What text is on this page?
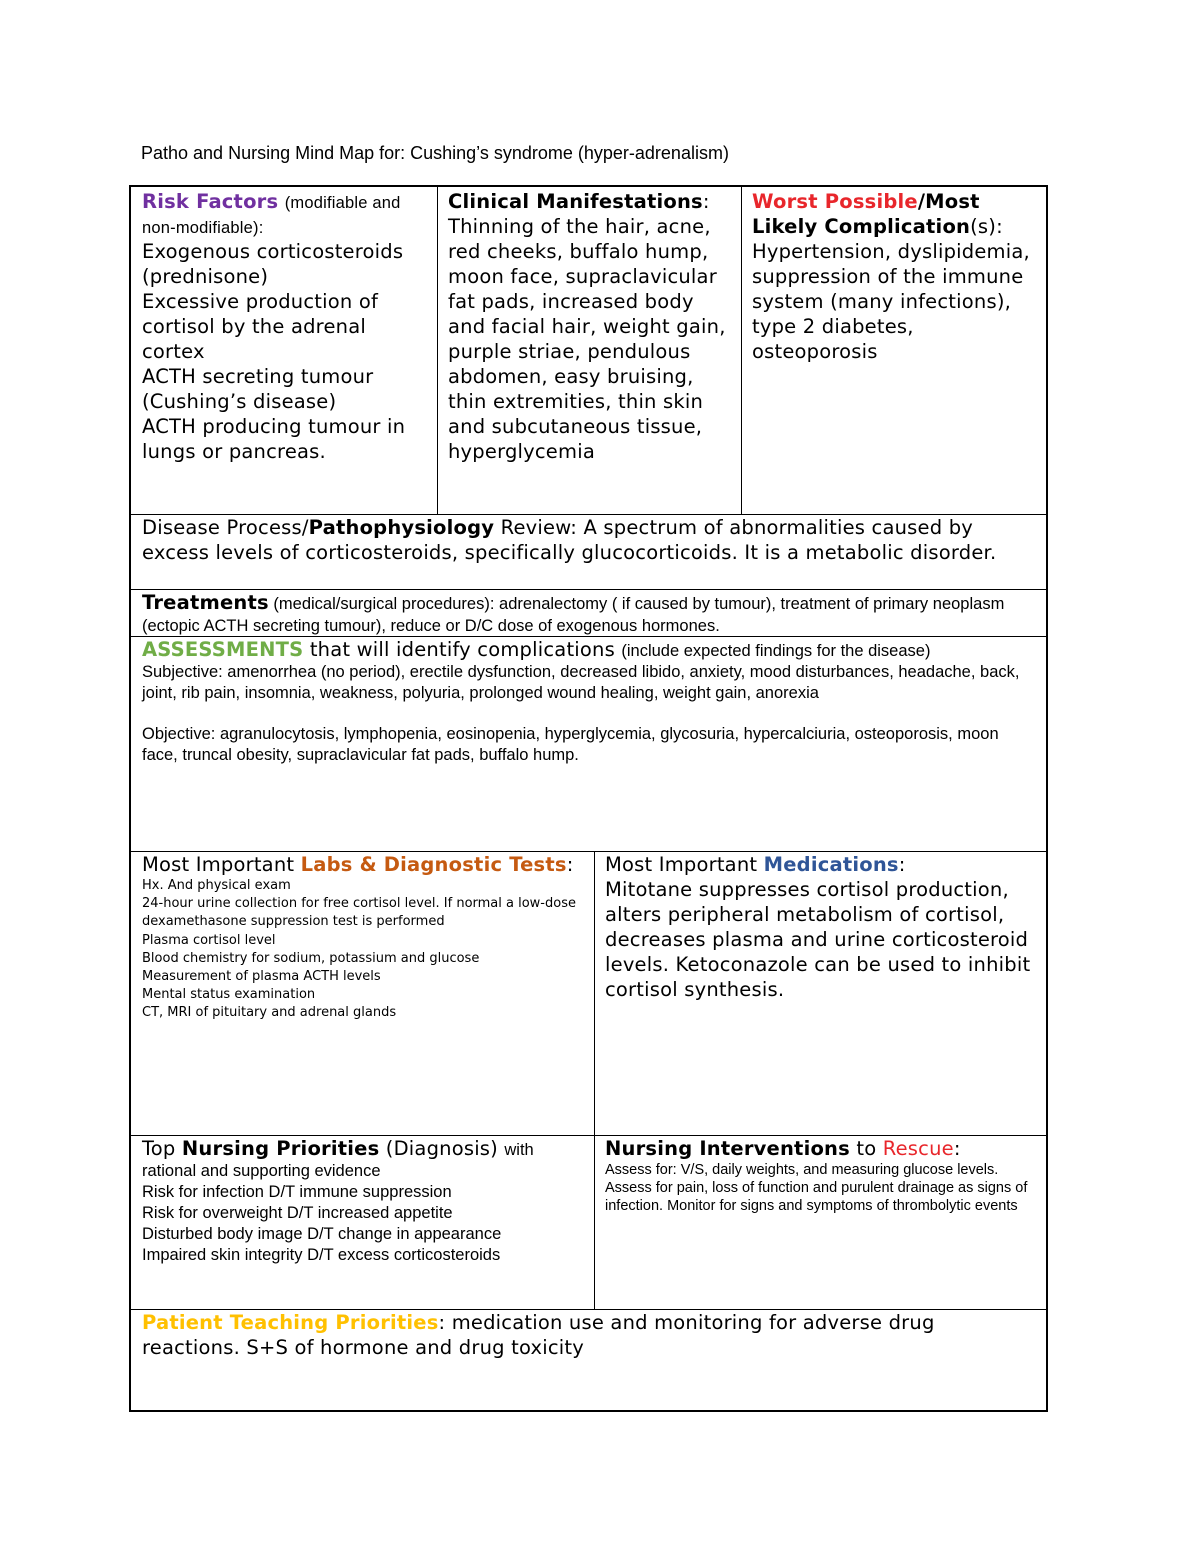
Patho and Nursing Mind Map for: Cushing’s syndrome (hyper-adrenalism)
Risk Factors (modifiable and non-modifiable):
Exogenous corticosteroids (prednisone)
Excessive production of cortisol by the adrenal cortex
ACTH secreting tumour (Cushing’s disease)
ACTH producing tumour in lungs or pancreas.
Clinical Manifestations:
Thinning of the hair, acne, red cheeks, buffalo hump, moon face, supraclavicular fat pads, increased body and facial hair, weight gain, purple striae, pendulous abdomen, easy bruising, thin extremities, thin skin and subcutaneous tissue, hyperglycemia
Worst Possible/Most Likely Complication(s):
Hypertension, dyslipidemia, suppression of the immune system (many infections), type 2 diabetes, osteoporosis
Disease Process/Pathophysiology Review: A spectrum of abnormalities caused by excess levels of corticosteroids, specifically glucocorticoids. It is a metabolic disorder.
Treatments (medical/surgical procedures): adrenalectomy ( if caused by tumour), treatment of primary neoplasm (ectopic ACTH secreting tumour), reduce or D/C dose of exogenous hormones.
ASSESSMENTS that will identify complications (include expected findings for the disease)
Subjective: amenorrhea (no period), erectile dysfunction, decreased libido, anxiety, mood disturbances, headache, back, joint, rib pain, insomnia, weakness, polyuria, prolonged wound healing, weight gain, anorexia
Objective: agranulocytosis, lymphopenia, eosinopenia, hyperglycemia, glycosuria, hypercalciuria, osteoporosis, moon face, truncal obesity, supraclavicular fat pads, buffalo hump.
Most Important Labs & Diagnostic Tests:
Hx. And physical exam
24-hour urine collection for free cortisol level. If normal a low-dose dexamethasone suppression test is performed
Plasma cortisol level
Blood chemistry for sodium, potassium and glucose
Measurement of plasma ACTH levels
Mental status examination
CT, MRI of pituitary and adrenal glands
Most Important Medications:
Mitotane suppresses cortisol production, alters peripheral metabolism of cortisol, decreases plasma and urine corticosteroid levels. Ketoconazole can be used to inhibit cortisol synthesis.
Top Nursing Priorities (Diagnosis) with rational and supporting evidence
Risk for infection D/T immune suppression
Risk for overweight D/T increased appetite
Disturbed body image D/T change in appearance
Impaired skin integrity D/T excess corticosteroids
Nursing Interventions to Rescue:
Assess for: V/S, daily weights, and measuring glucose levels. Assess for pain, loss of function and purulent drainage as signs of infection. Monitor for signs and symptoms of thrombolytic events
Patient Teaching Priorities: medication use and monitoring for adverse drug reactions. S+S of hormone and drug toxicity
